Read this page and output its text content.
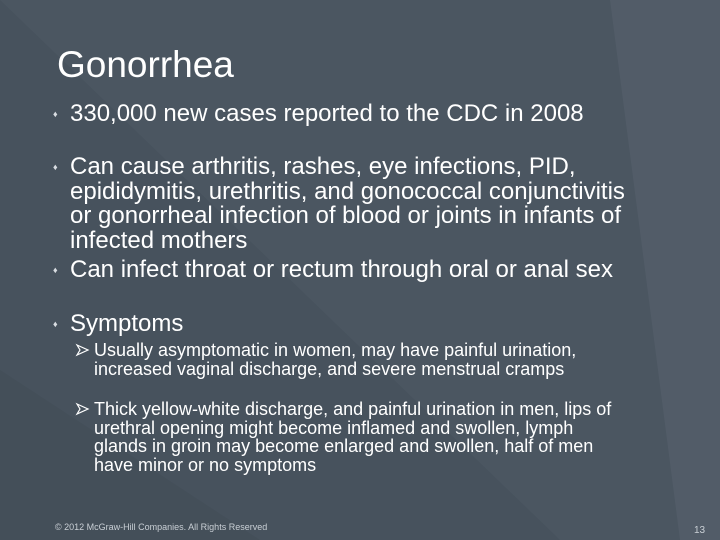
Gonorrhea
♦ 330,000 new cases reported to the CDC in 2008
♦ Can cause arthritis, rashes, eye infections, PID, epididymitis, urethritis, and gonococcal conjunctivitis or gonorrheal infection of blood or joints in infants of infected mothers
♦ Can infect throat or rectum through oral or anal sex
♦ Symptoms
Usually asymptomatic in women, may have painful urination, increased vaginal discharge, and severe menstrual cramps
Thick yellow-white discharge, and painful urination in men, lips of urethral opening might become inflamed and swollen, lymph glands in groin may become enlarged and swollen, half of men have minor or no symptoms
© 2012 McGraw-Hill Companies. All Rights Reserved	13
